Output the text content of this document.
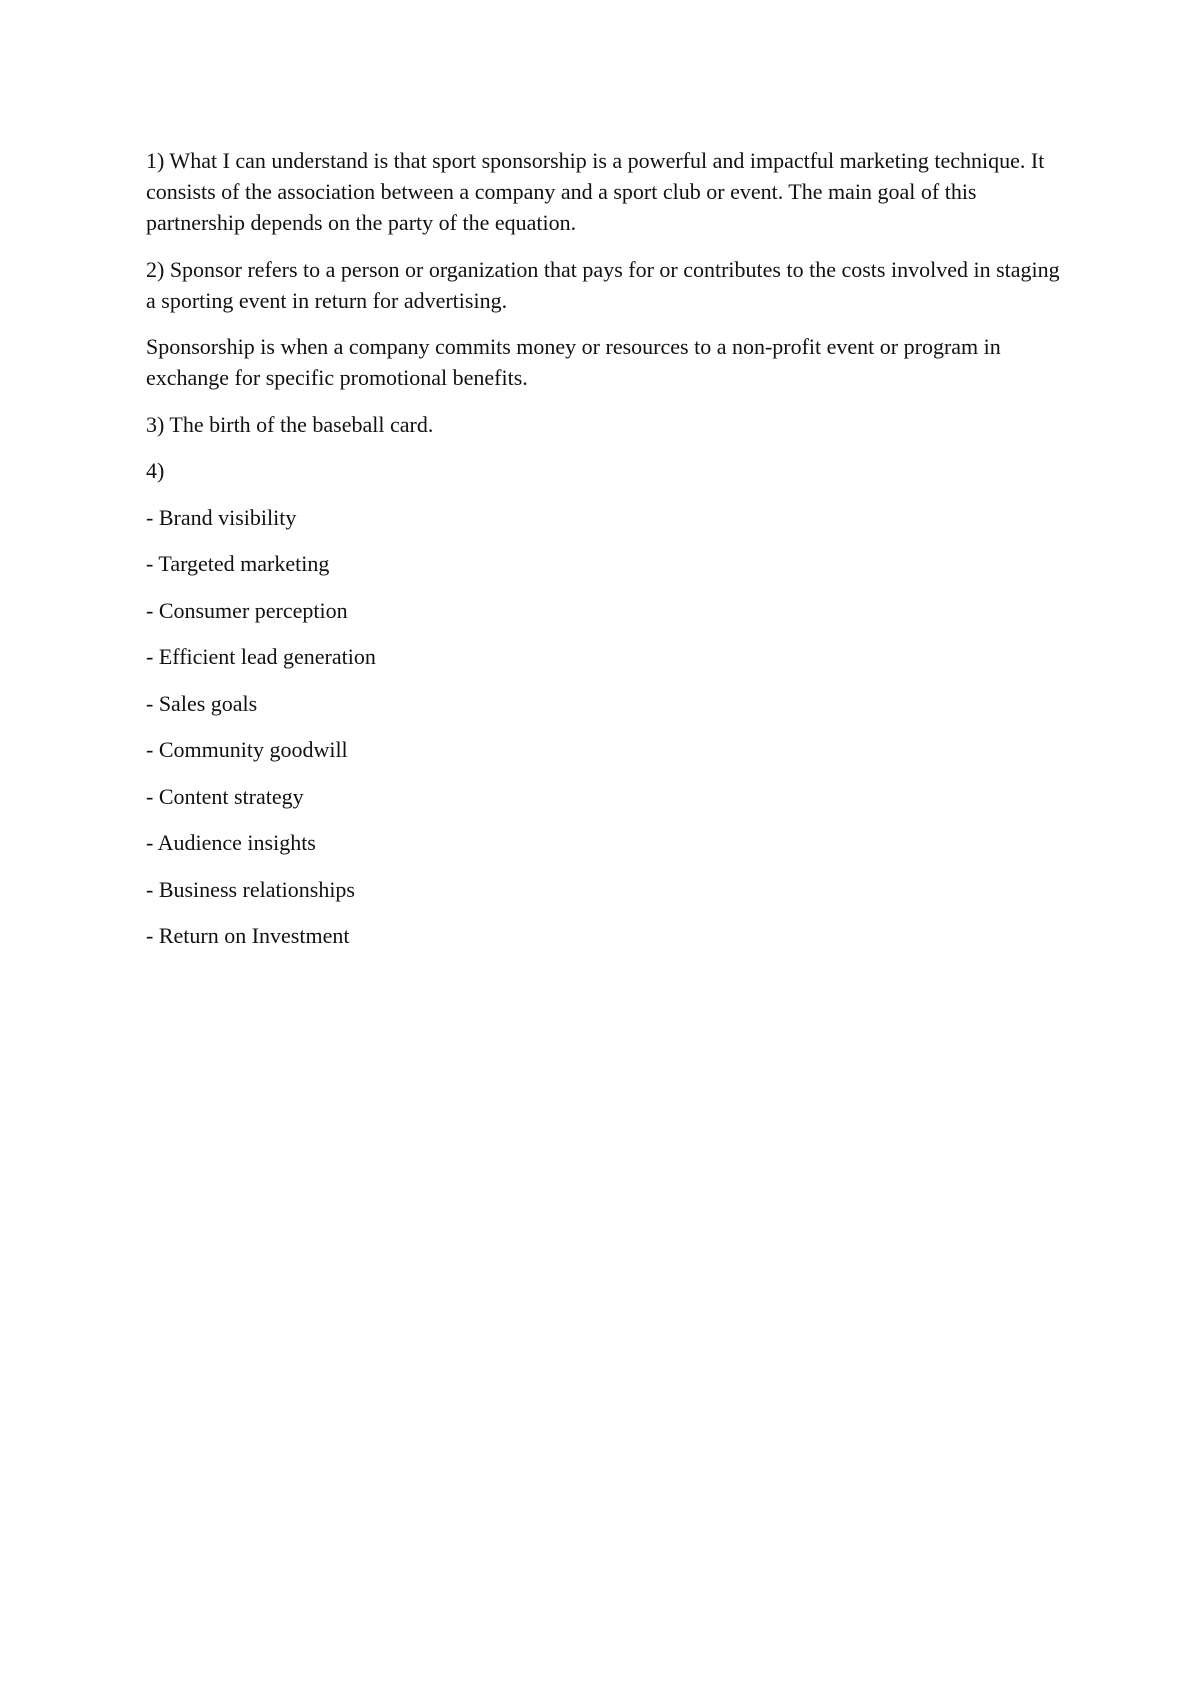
1) What I can understand is that sport sponsorship is a powerful and impactful marketing technique. It consists of the association between a company and a sport club or event. The main goal of this partnership depends on the party of the equation.

2) Sponsor refers to a person or organization that pays for or contributes to the costs involved in staging a sporting event in return for advertising.

Sponsorship is when a company commits money or resources to a non-profit event or program in exchange for specific promotional benefits.

3) The birth of the baseball card.

4)

- Brand visibility

- Targeted marketing

- Consumer perception

- Efficient lead generation

- Sales goals

- Community goodwill

- Content strategy

- Audience insights

- Business relationships

- Return on Investment
